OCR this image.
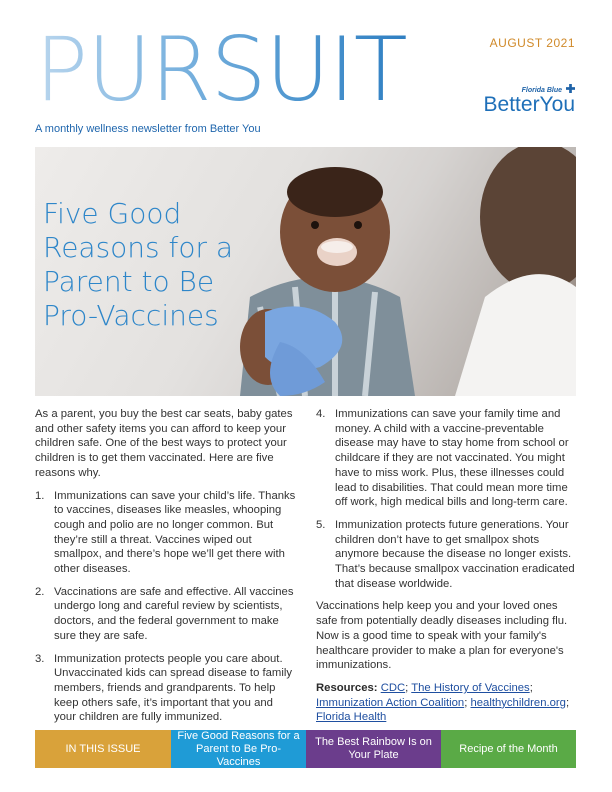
PURSUIT	AUGUST 2021
Florida Blue
BetterYou
A monthly wellness newsletter from Better You
Five Good
Reasons for a
Parent to Be
Pro-Vaccines

As a parent, you buy the best car seats, baby gates and other safety items you can afford to keep your children safe. One of the best ways to protect your children is to get them vaccinated. Here are five reasons why.

1. Immunizations can save your child’s life. Thanks to vaccines, diseases like measles, whooping cough and polio are no longer common. But they’re still a threat. Vaccines wiped out smallpox, and there’s hope we’ll get there with other diseases.
2. Vaccinations are safe and effective. All vaccines undergo long and careful review by scientists, doctors, and the federal government to make sure they are safe.
3. Immunization protects people you care about. Unvaccinated kids can spread disease to family members, friends and grandparents. To help keep others safe, it’s important that you and your children are fully immunized.
4. Immunizations can save your family time and money. A child with a vaccine-preventable disease may have to stay home from school or childcare if they are not vaccinated. You might have to miss work. Plus, these illnesses could lead to disabilities. That could mean more time off work, high medical bills and long-term care.
5. Immunization protects future generations. Your children don’t have to get smallpox shots anymore because the disease no longer exists. That’s because smallpox vaccination eradicated that disease worldwide.

Vaccinations help keep you and your loved ones safe from potentially deadly diseases including flu. Now is a good time to speak with your family's healthcare provider to make a plan for everyone's immunizations.

Resources: CDC; The History of Vaccines; Immunization Action Coalition; healthychildren.org; Florida Health

IN THIS ISSUE
Five Good Reasons for a Parent to Be Pro-Vaccines
The Best Rainbow Is on Your Plate
Recipe of the Month
